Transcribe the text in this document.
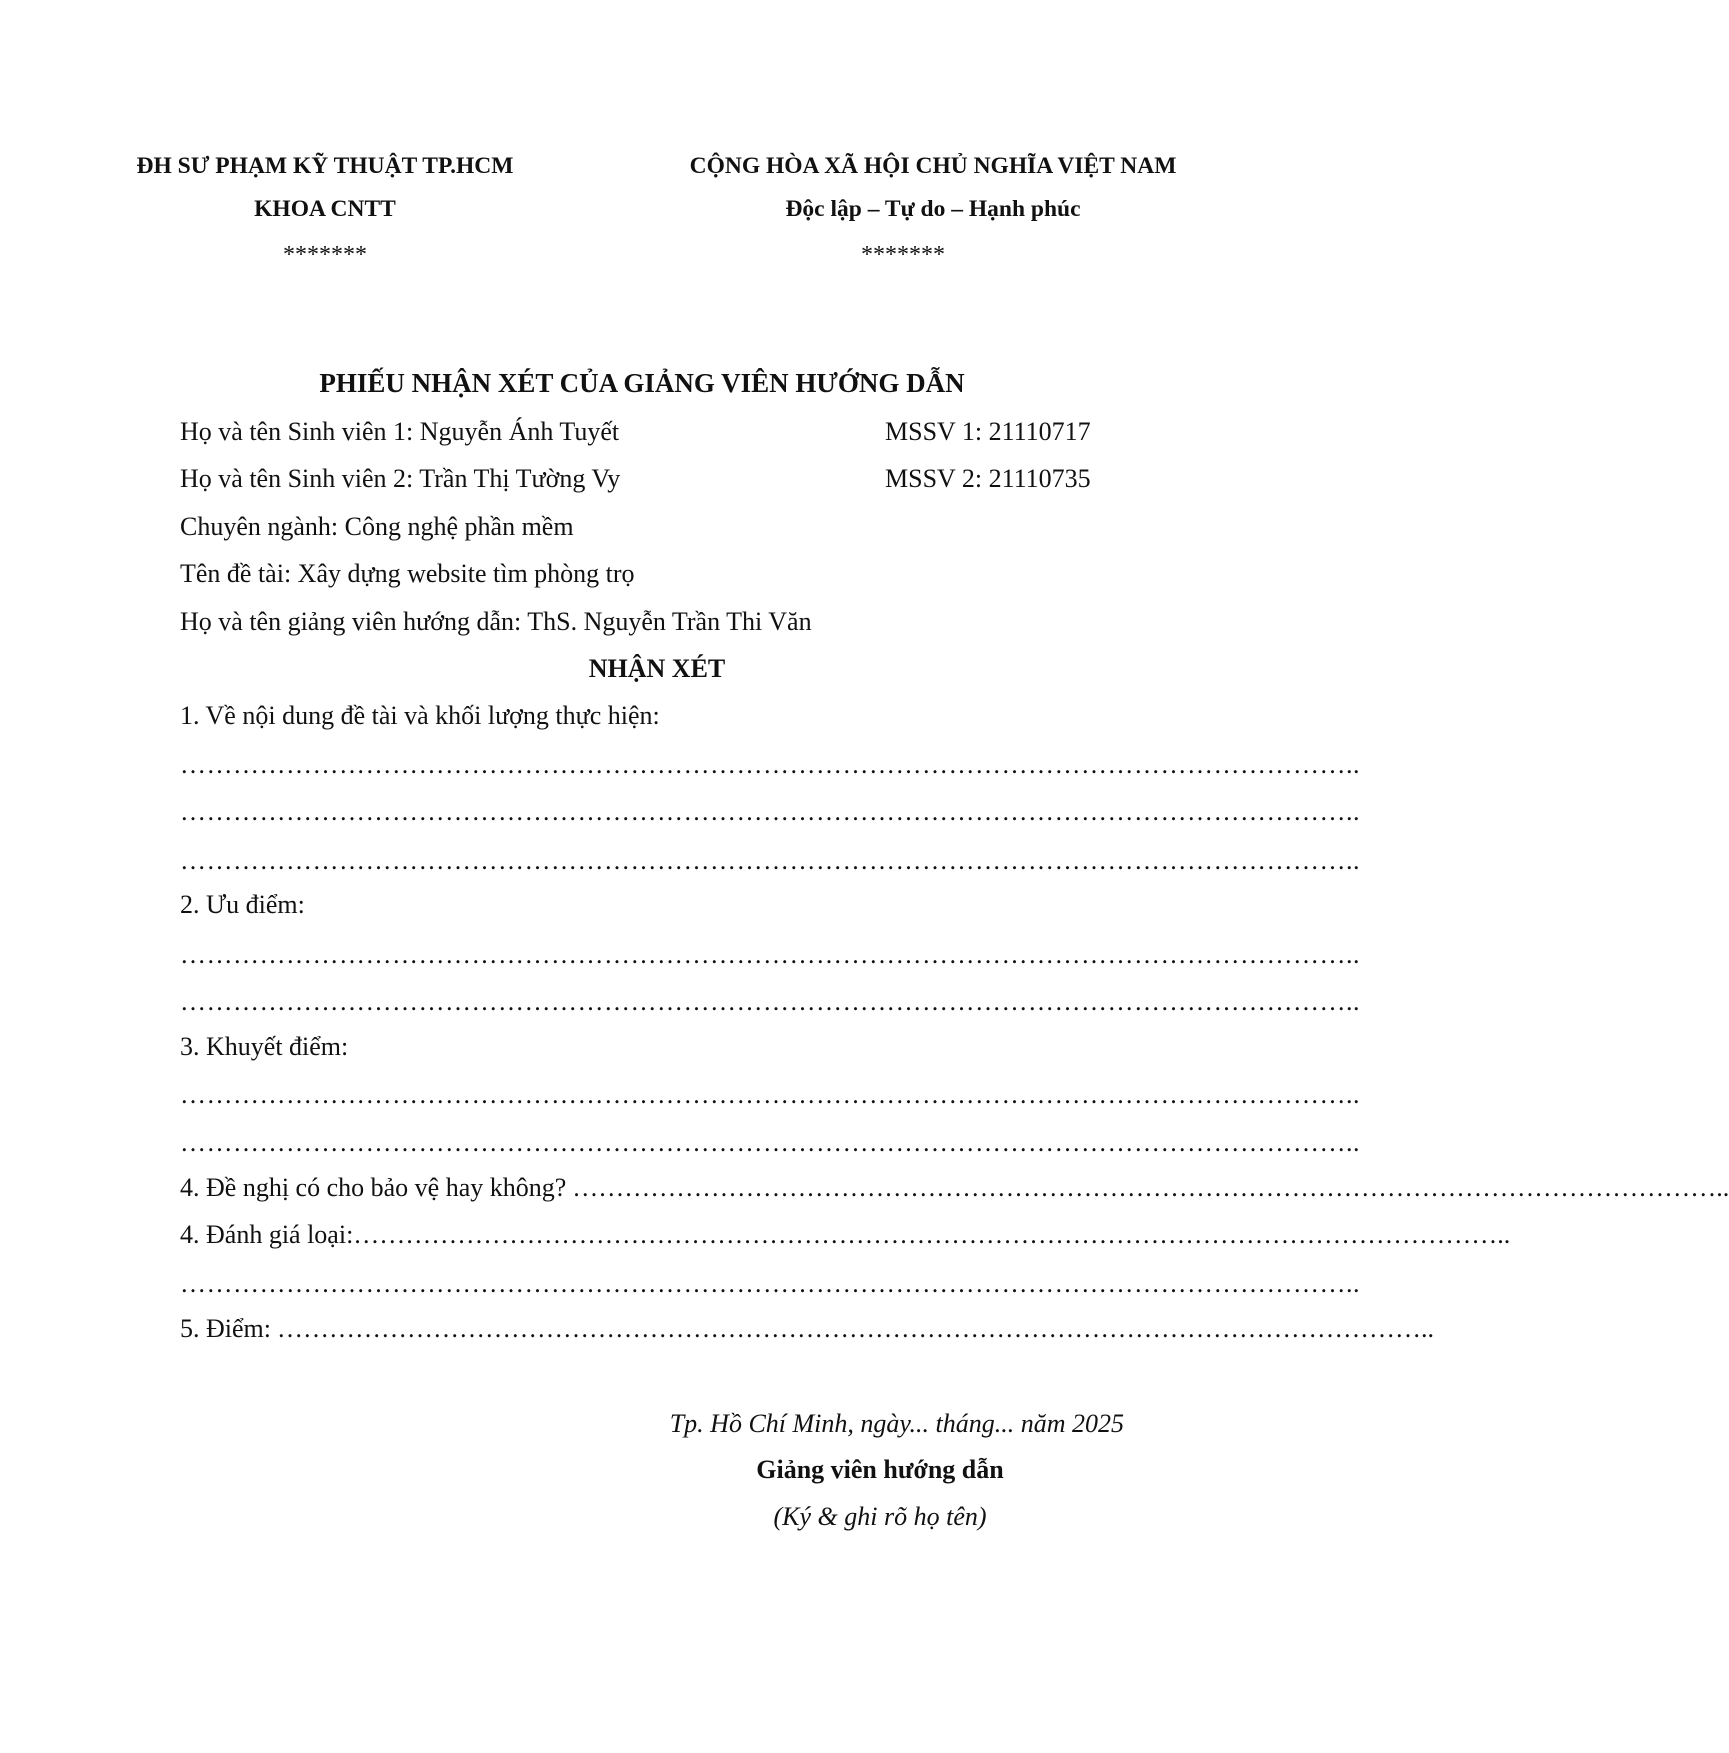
ĐH SƯ PHẠM KỸ THUẬT TP.HCM
KHOA CNTT
*******
CỘNG HÒA XÃ HỘI CHỦ NGHĨA VIỆT NAM
Độc lập – Tự do – Hạnh phúc
*******
PHIẾU NHẬN XÉT CỦA GIẢNG VIÊN HƯỚNG DẪN
Họ và tên Sinh viên 1: Nguyễn Ánh Tuyết	MSSV 1: 21110717
Họ và tên Sinh viên 2: Trần Thị Tường Vy	MSSV 2: 21110735
Chuyên ngành: Công nghệ phần mềm
Tên đề tài: Xây dựng website tìm phòng trọ
Họ và tên giảng viên hướng dẫn: ThS. Nguyễn Trần Thi Văn
NHẬN XÉT
1. Về nội dung đề tài và khối lượng thực hiện:
……………………………………………………………………………………………………………………..
……………………………………………………………………………………………………………………..
……………………………………………………………………………………………………………………..
2. Ưu điểm:
……………………………………………………………………………………………………………………..
……………………………………………………………………………………………………………………..
3. Khuyết điểm:
……………………………………………………………………………………………………………………..
……………………………………………………………………………………………………………………..
4. Đề nghị có cho bảo vệ hay không? ……………………………………………………………………………………………………………………..
4. Đánh giá loại: ……………………………………………………………………………………………………………………..
……………………………………………………………………………………………………………………..
5. Điểm: ……………………………………………………………………………………………………………………..
Tp. Hồ Chí Minh, ngày... tháng... năm 2025
Giảng viên hướng dẫn
(Ký & ghi rõ họ tên)
